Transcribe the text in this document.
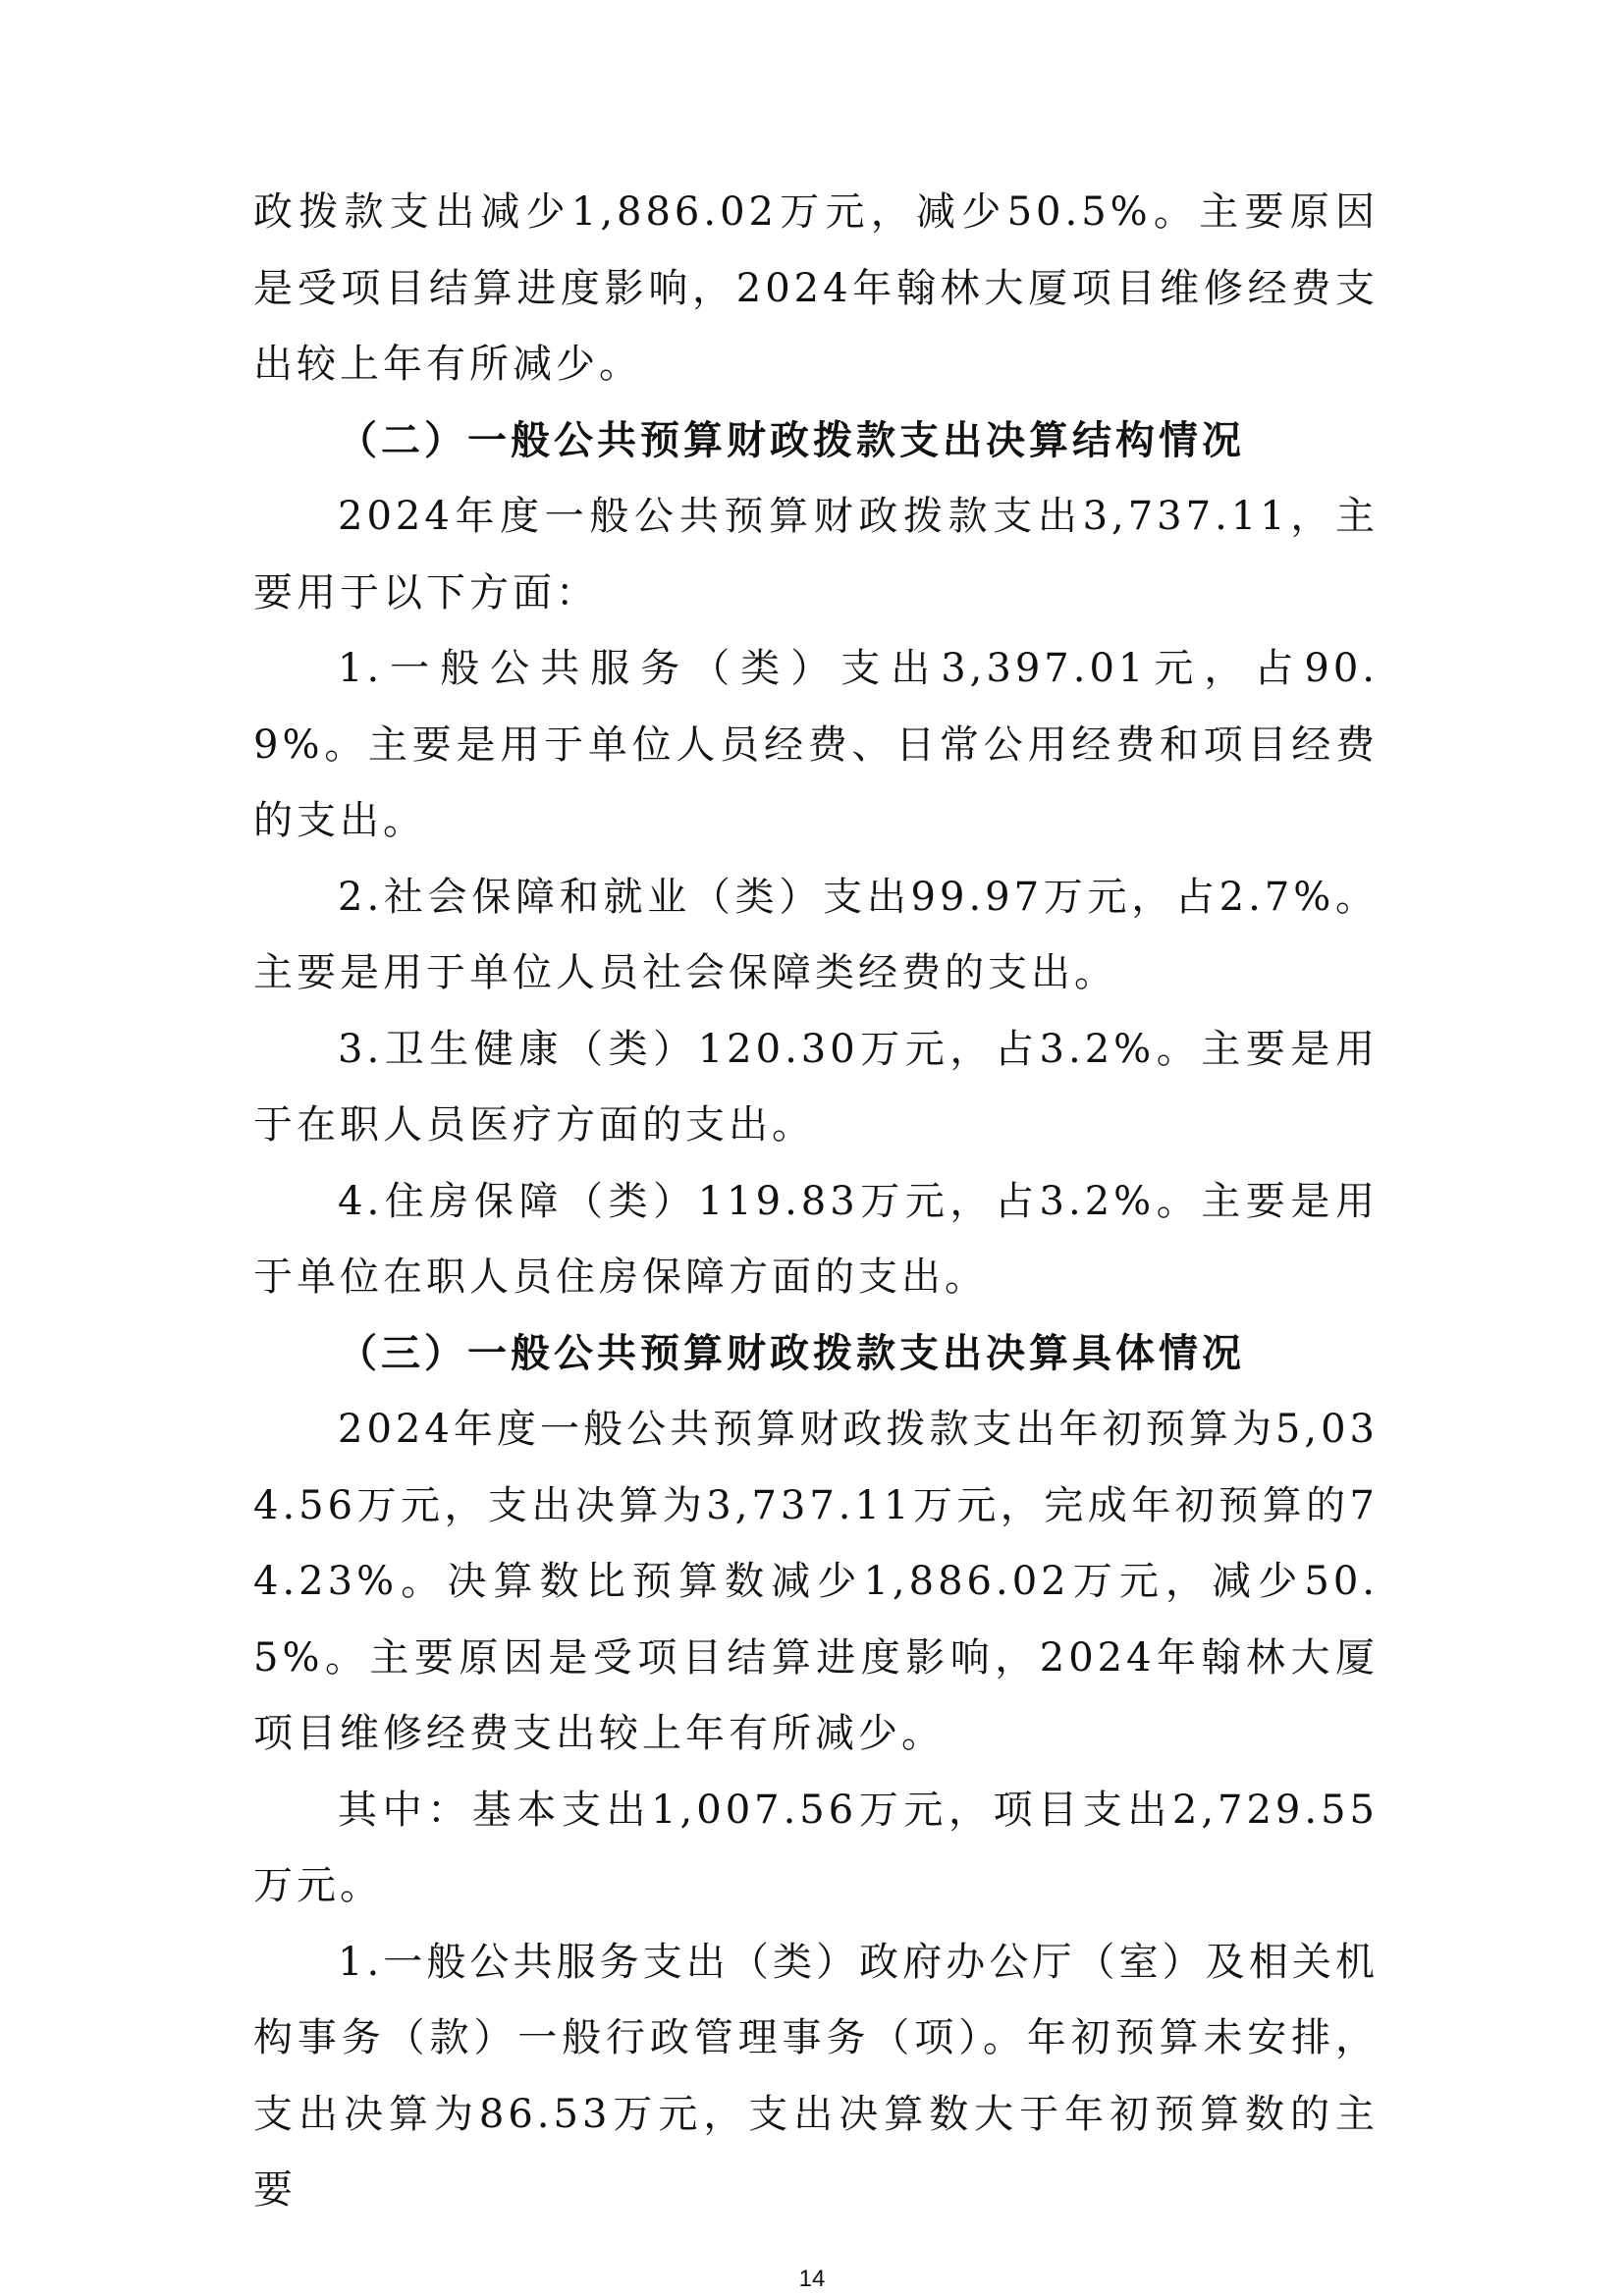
政拨款支出减少1,886.02万元，减少50.5%。主要原因是受项目结算进度影响，2024年翰林大厦项目维修经费支出较上年有所减少。

（二）一般公共预算财政拨款支出决算结构情况

2024年度一般公共预算财政拨款支出3,737.11，主要用于以下方面：

1.一般公共服务（类）支出3,397.01元，占90.9%。主要是用于单位人员经费、日常公用经费和项目经费的支出。

2.社会保障和就业（类）支出99.97万元，占2.7%。主要是用于单位人员社会保障类经费的支出。

3.卫生健康（类）120.30万元，占3.2%。主要是用于在职人员医疗方面的支出。

4.住房保障（类）119.83万元，占3.2%。主要是用于单位在职人员住房保障方面的支出。

（三）一般公共预算财政拨款支出决算具体情况

2024年度一般公共预算财政拨款支出年初预算为5,034.56万元，支出决算为3,737.11万元，完成年初预算的74.23%。决算数比预算数减少1,886.02万元，减少50.5%。主要原因是受项目结算进度影响，2024年翰林大厦项目维修经费支出较上年有所减少。

其中：基本支出1,007.56万元，项目支出2,729.55万元。

1.一般公共服务支出（类）政府办公厅（室）及相关机构事务（款）一般行政管理事务（项）。年初预算未安排，支出决算为86.53万元，支出决算数大于年初预算数的主要

14
